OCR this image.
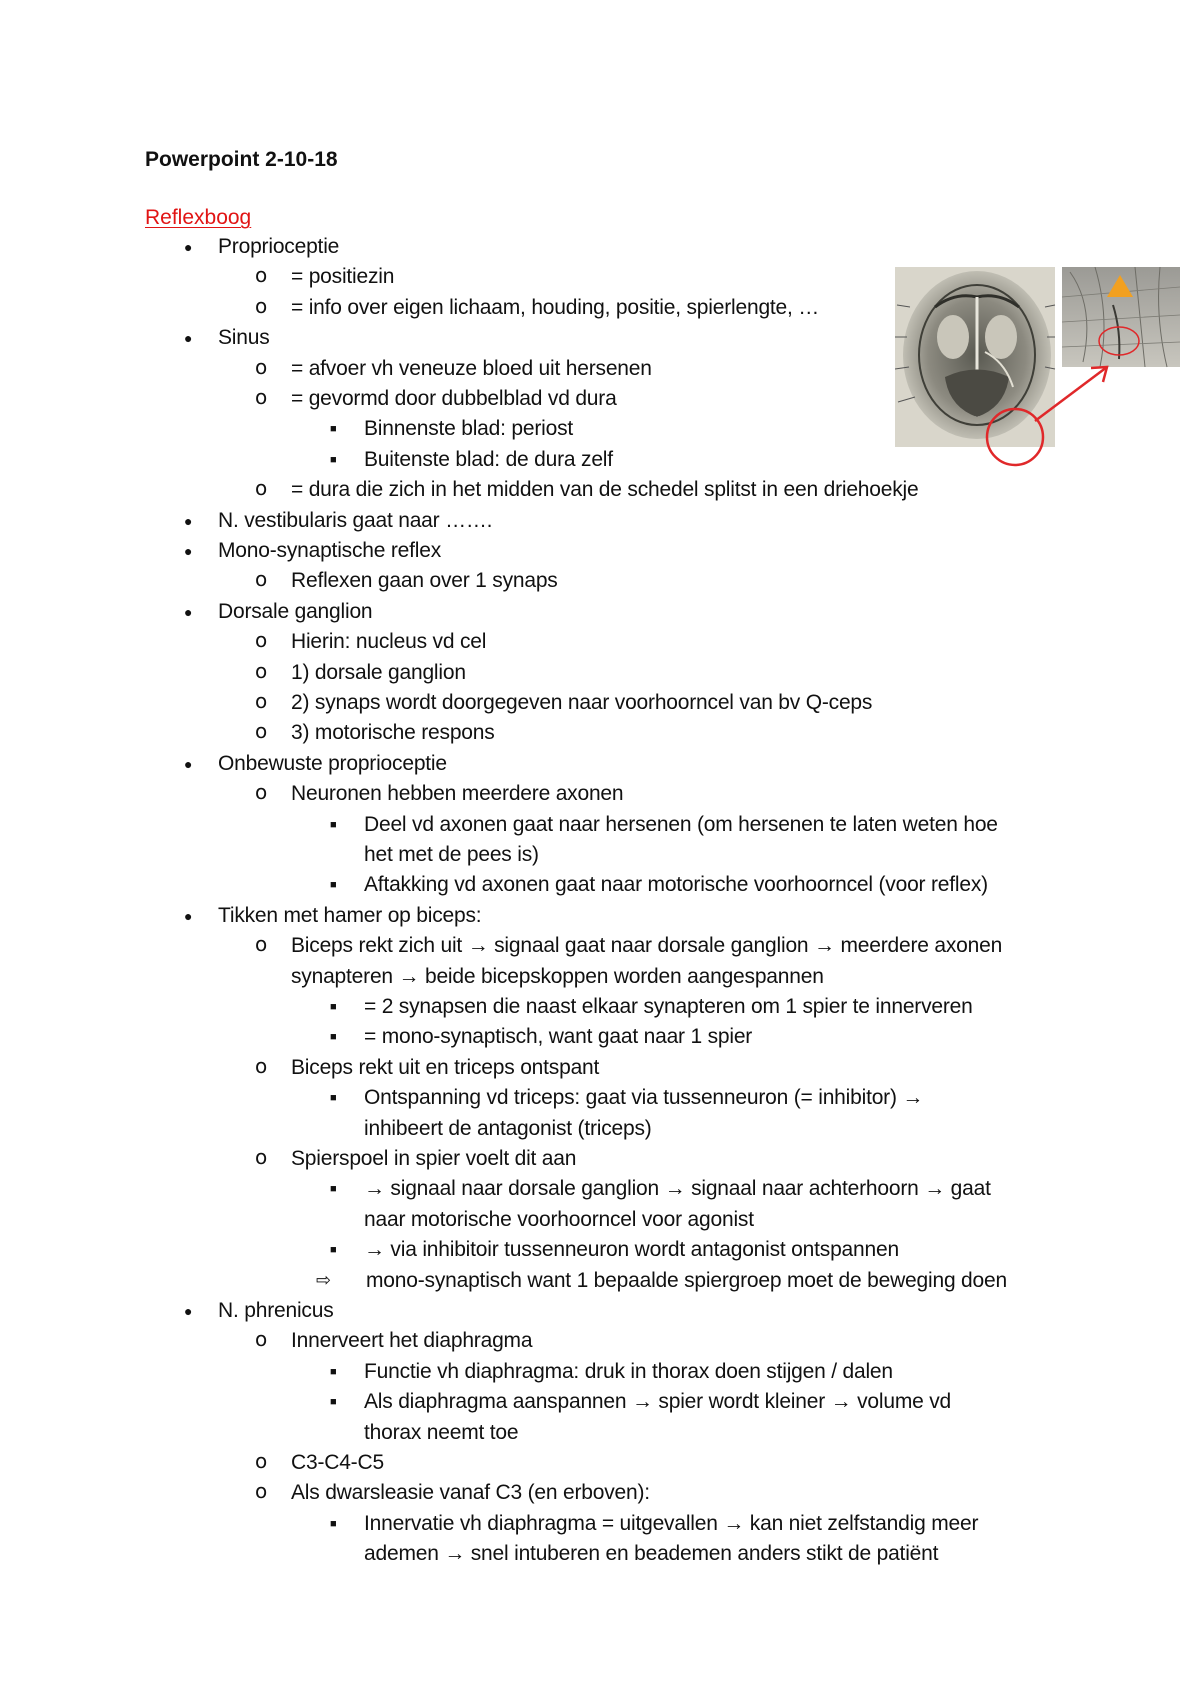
Powerpoint 2-10-18
Reflexboog
● Proprioceptie
o = positiezin
o = info over eigen lichaam, houding, positie, spierlengte, …
● Sinus
o = afvoer vh veneuze bloed uit hersenen
o = gevormd door dubbelblad vd dura
■ Binnenste blad: periost
■ Buitenste blad: de dura zelf
o = dura die zich in het midden van de schedel splitst in een driehoekje
● N. vestibularis gaat naar …….
● Mono-synaptische reflex
o Reflexen gaan over 1 synaps
● Dorsale ganglion
o Hierin: nucleus vd cel
o 1) dorsale ganglion
o 2) synaps wordt doorgegeven naar voorhoorncel van bv Q-ceps
o 3) motorische respons
● Onbewuste proprioceptie
o Neuronen hebben meerdere axonen
■ Deel vd axonen gaat naar hersenen (om hersenen te laten weten hoe
het met de pees is)
■ Aftakking vd axonen gaat naar motorische voorhoorncel (voor reflex)
● Tikken met hamer op biceps:
o Biceps rekt zich uit → signaal gaat naar dorsale ganglion → meerdere axonen
synapteren → beide bicepskoppen worden aangespannen
■ = 2 synapsen die naast elkaar synapteren om 1 spier te innerveren
■ = mono-synaptisch, want gaat naar 1 spier
o Biceps rekt uit en triceps ontspant
■ Ontspanning vd triceps: gaat via tussenneuron (= inhibitor) →
inhibeert de antagonist (triceps)
o Spierspoel in spier voelt dit aan
■ → signaal naar dorsale ganglion → signaal naar achterhoorn → gaat
naar motorische voorhoorncel voor agonist
■ → via inhibitoir tussenneuron wordt antagonist ontspannen
⇨ mono-synaptisch want 1 bepaalde spiergroep moet de beweging doen
● N. phrenicus
o Innerveert het diaphragma
■ Functie vh diaphragma: druk in thorax doen stijgen / dalen
■ Als diaphragma aanspannen → spier wordt kleiner → volume vd
thorax neemt toe
o C3-C4-C5
o Als dwarsleasie vanaf C3 (en erboven):
■ Innervatie vh diaphragma = uitgevallen → kan niet zelfstandig meer
ademen → snel intuberen en beademen anders stikt de patiënt
